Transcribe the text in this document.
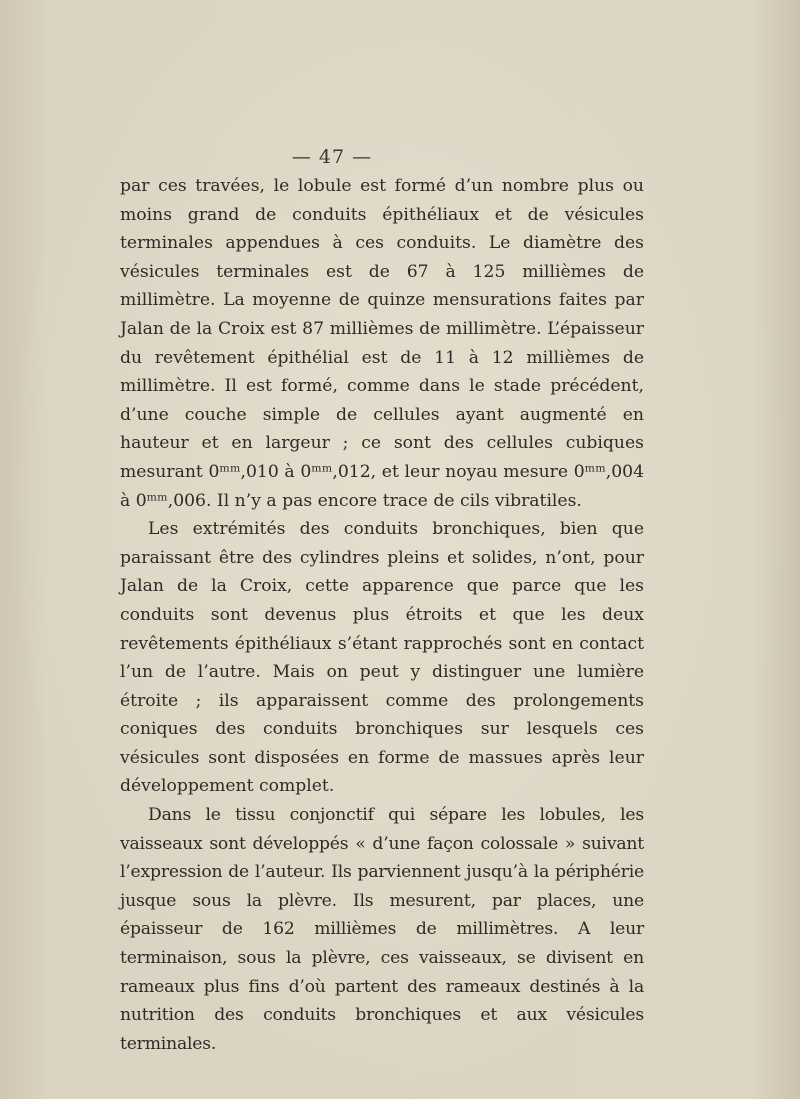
— 47 —

par ces travées, le lobule est formé d’un nombre plus ou moins grand de conduits épithéliaux et de vésicules terminales appendues à ces conduits. Le diamètre des vésicules terminales est de 67 à 125 millièmes de millimètre. La moyenne de quinze mensurations faites par Jalan de la Croix est 87 millièmes de millimètre. L’épaisseur du revêtement épithélial est de 11 à 12 millièmes de millimètre. Il est formé, comme dans le stade précédent, d’une couche simple de cellules ayant augmenté en hauteur et en largeur ; ce sont des cellules cubiques mesurant 0ᵐᵐ,010 à 0ᵐᵐ,012, et leur noyau mesure 0ᵐᵐ,004 à 0ᵐᵐ,006. Il n’y a pas encore trace de cils vibratiles.

Les extrémités des conduits bronchiques, bien que paraissant être des cylindres pleins et solides, n’ont, pour Jalan de la Croix, cette apparence que parce que les conduits sont devenus plus étroits et que les deux revêtements épithéliaux s’étant rapprochés sont en contact l’un de l’autre. Mais on peut y distinguer une lumière étroite ; ils apparaissent comme des prolongements coniques des conduits bronchiques sur lesquels ces vésicules sont disposées en forme de massues après leur développement complet.

Dans le tissu conjonctif qui sépare les lobules, les vaisseaux sont développés « d’une façon colossale » suivant l’expression de l’auteur. Ils parviennent jusqu’à la périphérie jusque sous la plèvre. Ils mesurent, par places, une épaisseur de 162 millièmes de millimètres. A leur terminaison, sous la plèvre, ces vaisseaux, se divisent en rameaux plus fins d’où partent des rameaux destinés à la nutrition des conduits bronchiques et aux vésicules terminales.
